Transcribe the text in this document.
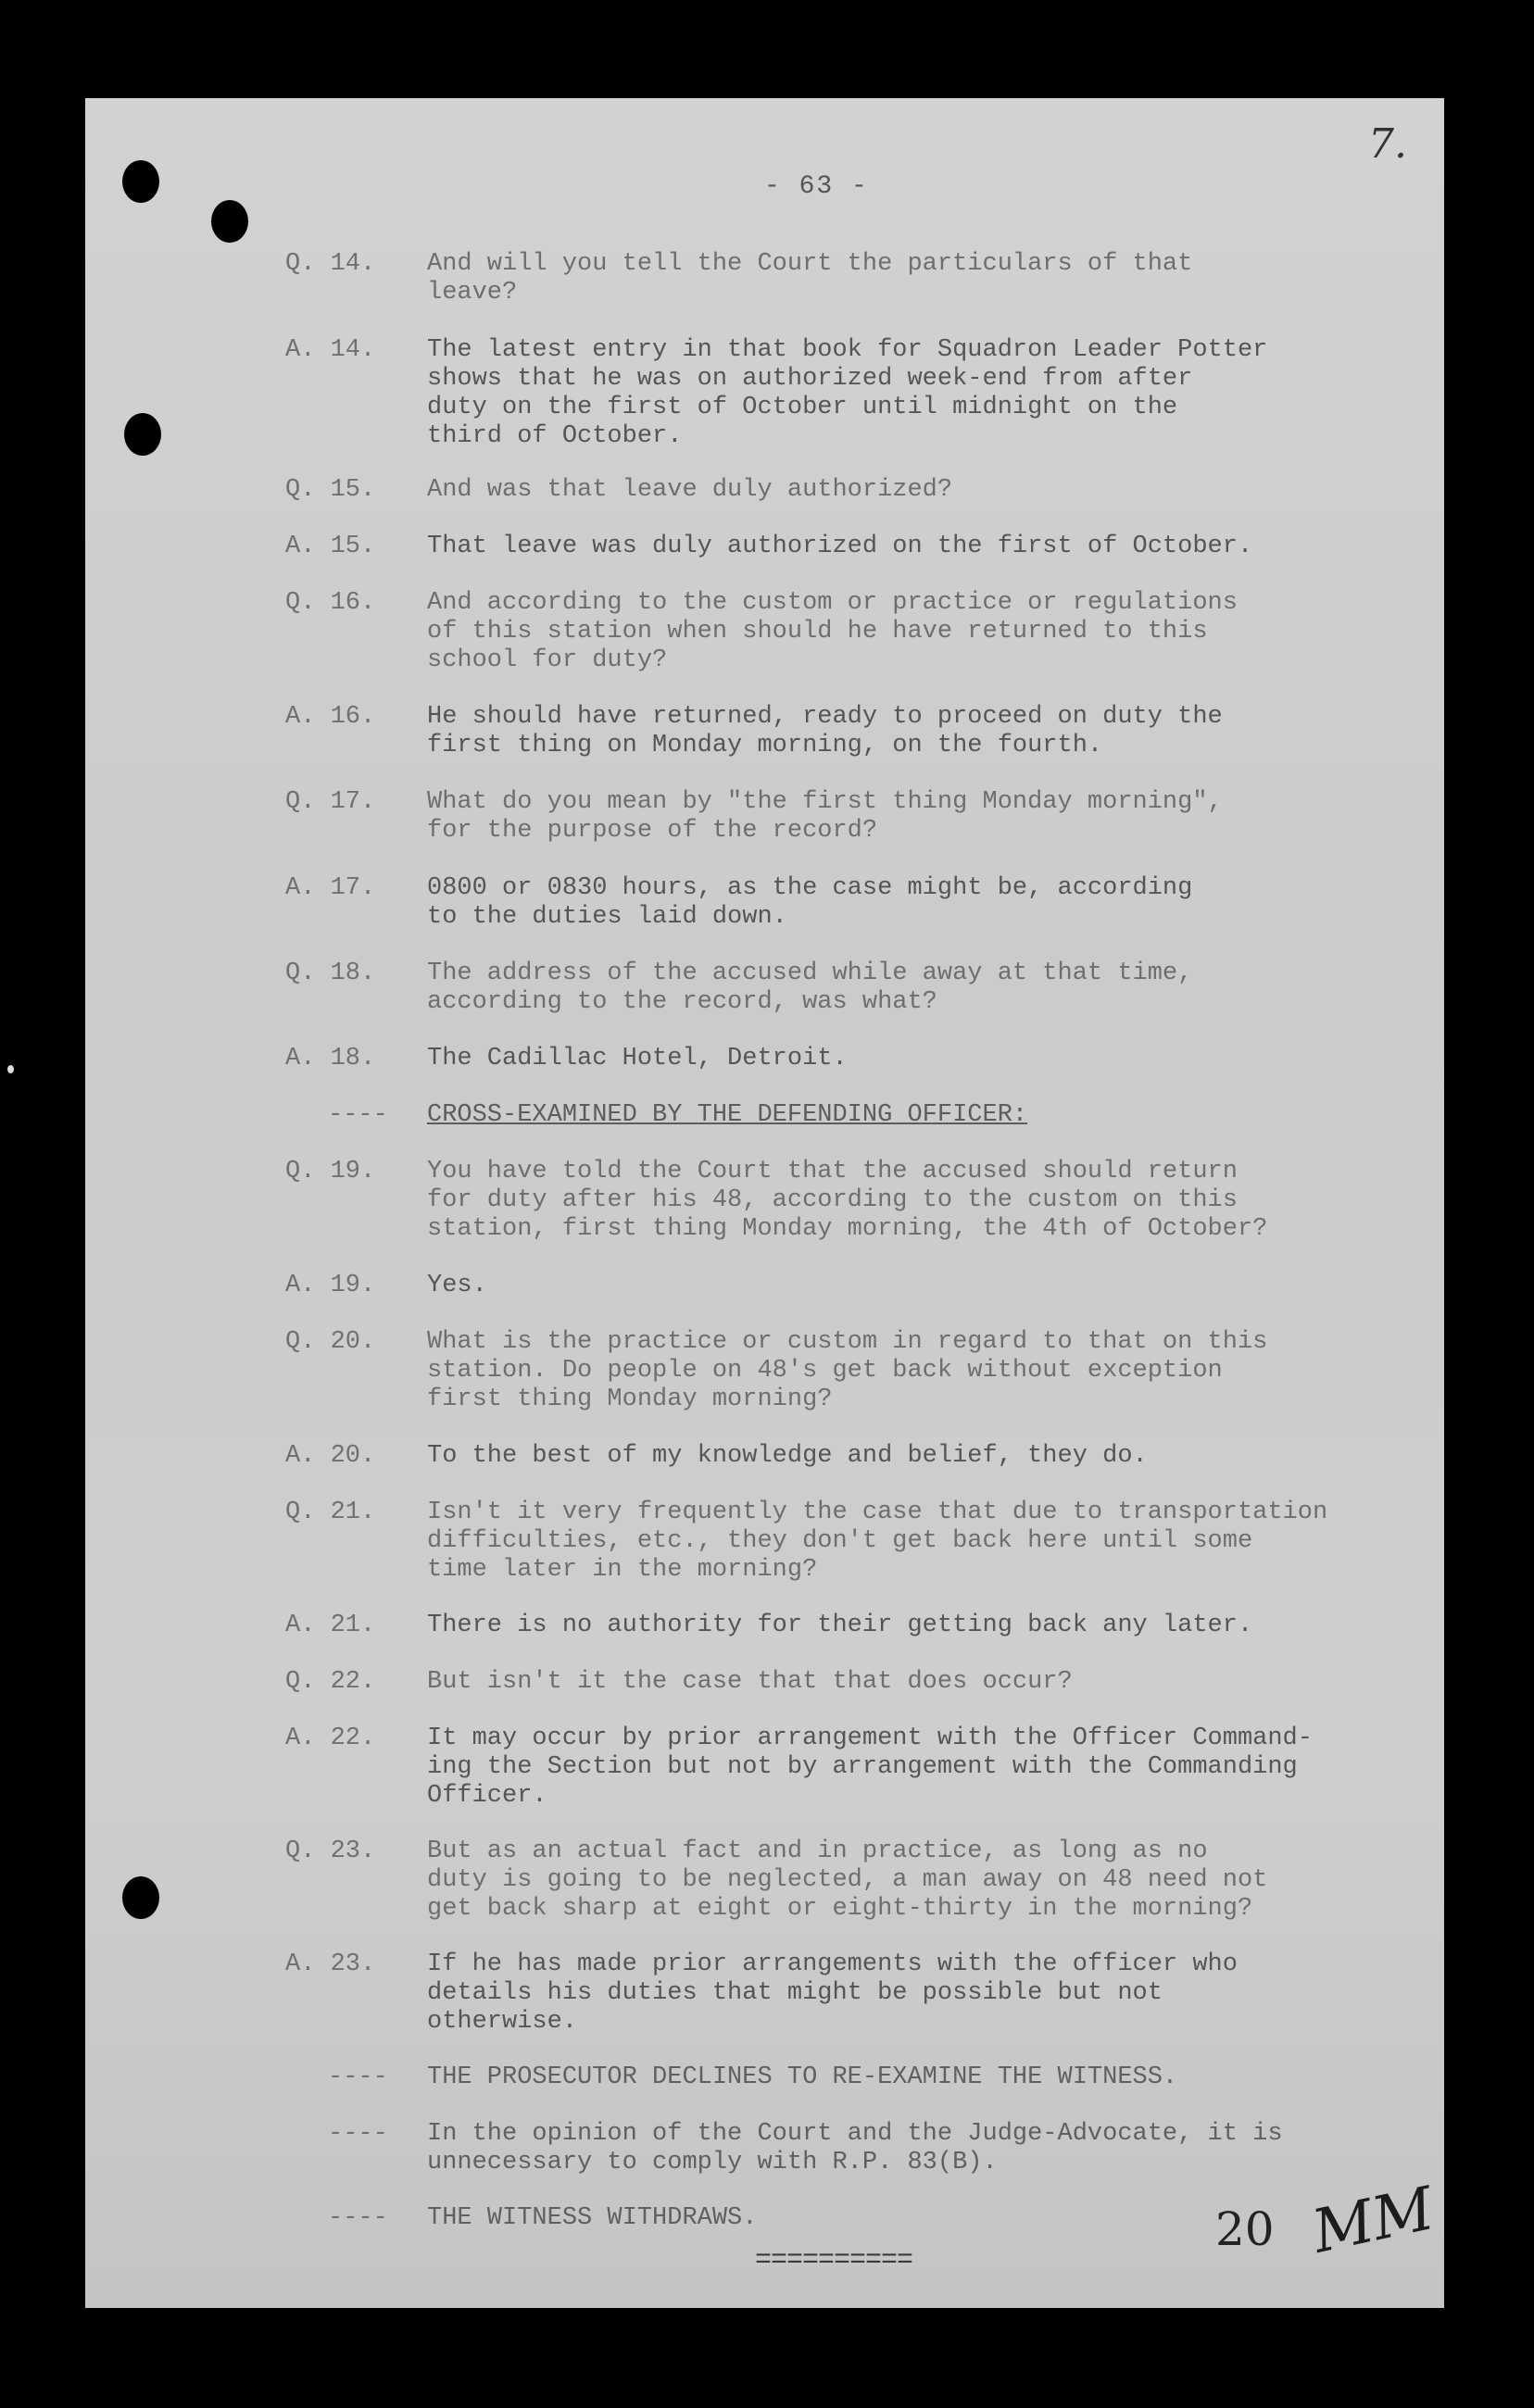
- 63 -
7.
Q. 14.	And will you tell the Court the particulars of that
leave?
A. 14.	The latest entry in that book for Squadron Leader Potter
shows that he was on authorized week-end from after
duty on the first of October until midnight on the
third of October.
Q. 15.	And was that leave duly authorized?
A. 15.	That leave was duly authorized on the first of October.
Q. 16.	And according to the custom or practice or regulations
of this station when should he have returned to this
school for duty?
A. 16.	He should have returned, ready to proceed on duty the
first thing on Monday morning, on the fourth.
Q. 17.	What do you mean by "the first thing Monday morning",
for the purpose of the record?
A. 17.	0800 or 0830 hours, as the case might be, according
to the duties laid down.
Q. 18.	The address of the accused while away at that time,
according to the record, was what?
A. 18.	The Cadillac Hotel, Detroit.
----	CROSS-EXAMINED BY THE DEFENDING OFFICER:
Q. 19.	You have told the Court that the accused should return
for duty after his 48, according to the custom on this
station, first thing Monday morning, the 4th of October?
A. 19.	Yes.
Q. 20.	What is the practice or custom in regard to that on this
station. Do people on 48's get back without exception
first thing Monday morning?
A. 20.	To the best of my knowledge and belief, they do.
Q. 21.	Isn't it very frequently the case that due to transportation
difficulties, etc., they don't get back here until some
time later in the morning?
A. 21.	There is no authority for their getting back any later.
Q. 22.	But isn't it the case that that does occur?
A. 22.	It may occur by prior arrangement with the Officer Command-
ing the Section but not by arrangement with the Commanding
Officer.
Q. 23.	But as an actual fact and in practice, as long as no
duty is going to be neglected, a man away on 48 need not
get back sharp at eight or eight-thirty in the morning?
A. 23.	If he has made prior arrangements with the officer who
details his duties that might be possible but not
otherwise.
----	THE PROSECUTOR DECLINES TO RE-EXAMINE THE WITNESS.
----	In the opinion of the Court and the Judge-Advocate, it is
unnecessary to comply with R.P. 83(B).
----	THE WITNESS WITHDRAWS.
==========
20 MM
